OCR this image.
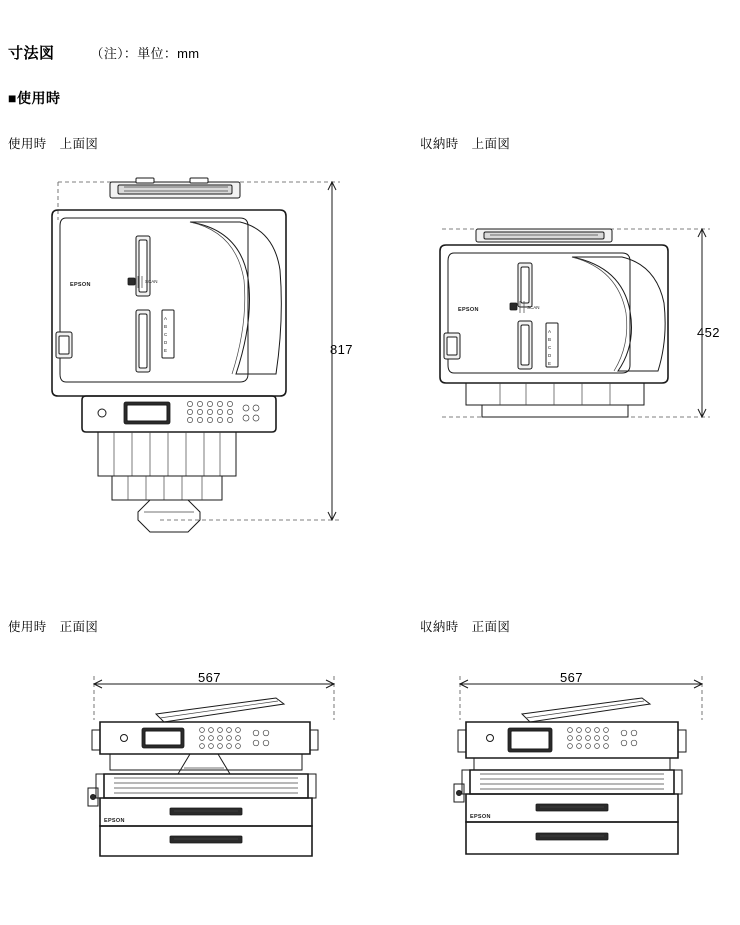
寸法図	（注）：単位：mm
■使用時
使用時　上面図	収納時　上面図
使用時　正面図	収納時　正面図
817
452
567	567
EPSON
SCAN
A
B
C
D
E
EPSON	SCAN
A
B
C
D
E
EPSON
EPSON
